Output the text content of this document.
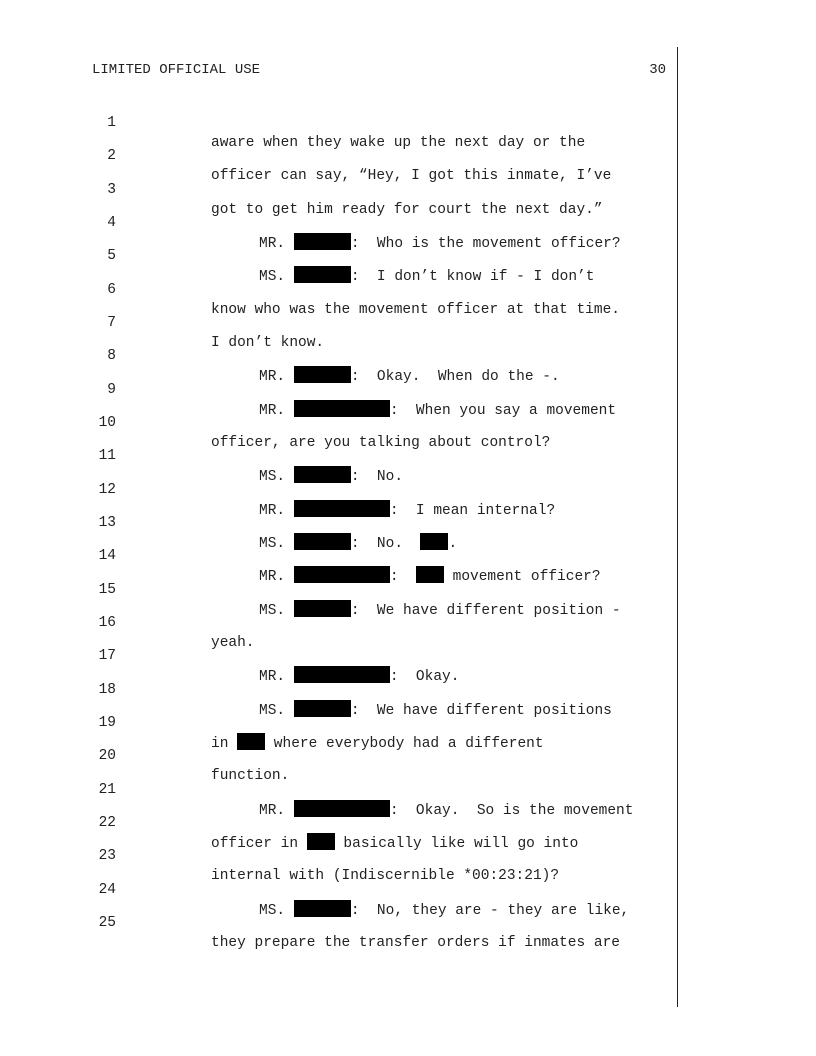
LIMITED OFFICIAL USE	30

1

aware when they wake up the next day or the

2

officer can say, “Hey, I got this inmate, I’ve

3

got to get him ready for court the next day.”

4

MR.	:  Who is the movement officer?

5

MS.	:  I don’t know if - I don’t

6

know who was the movement officer at that time.

7

I don’t know.

8

MR.	:  Okay.  When do the -.

9

MR.	:  When you say a movement

10

officer, are you talking about control?

11

MS.	:  No.

12

MR.	:  I mean internal?

13

MS.	:  No.  .

14

MR.	:   movement officer?

15

MS.	:  We have different position -

16

yeah.

17

MR.	:  Okay.

18

MS.	:  We have different positions

19

in  where everybody had a different

20

function.

21

MR.	:  Okay.  So is the movement

22

officer in  basically like will go into

23

internal with (Indiscernible *00:23:21)?

24

MS.	:  No, they are - they are like,

25

they prepare the transfer orders if inmates are
